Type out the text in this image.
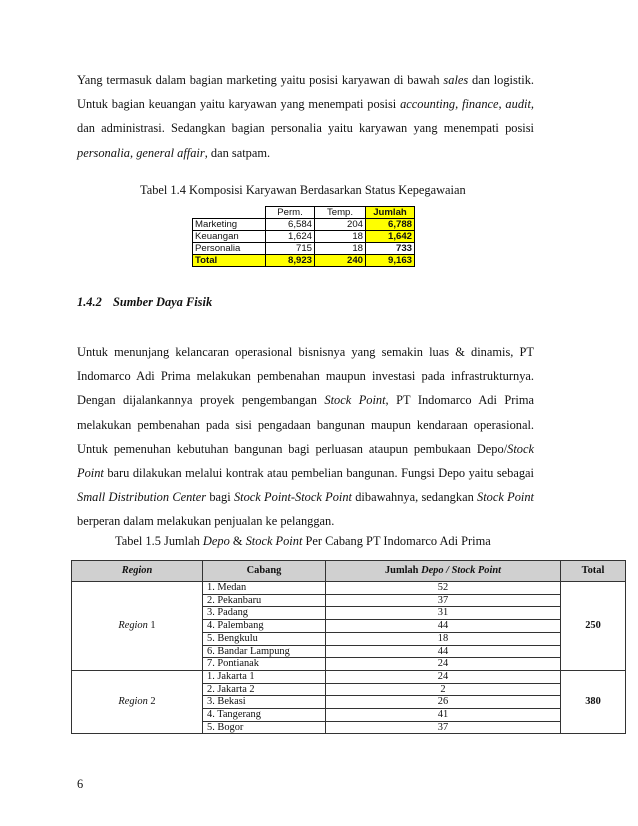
Yang termasuk dalam bagian marketing yaitu posisi karyawan di bawah sales dan logistik. Untuk bagian keuangan yaitu karyawan yang menempati posisi accounting, finance, audit, dan administrasi. Sedangkan bagian personalia yaitu karyawan yang menempati posisi personalia, general affair, dan satpam.

Tabel 1.4 Komposisi Karyawan Berdasarkan Status Kepegawaian
	Perm.	Temp.	Jumlah
Marketing	6,584	204	6,788
Keuangan	1,624	18	1,642
Personalia	715	18	733
Total	8,923	240	9,163
1.4.2 Sumber Daya Fisik

Untuk menunjang kelancaran operasional bisnisnya yang semakin luas & dinamis, PT Indomarco Adi Prima melakukan pembenahan maupun investasi pada infrastrukturnya. Dengan dijalankannya proyek pengembangan Stock Point, PT Indomarco Adi Prima melakukan pembenahan pada sisi pengadaan bangunan maupun kendaraan operasional. Untuk pemenuhan kebutuhan bangunan bagi perluasan ataupun pembukaan Depo/Stock Point baru dilakukan melalui kontrak atau pembelian bangunan. Fungsi Depo yaitu sebagai Small Distribution Center bagi Stock Point-Stock Point dibawahnya, sedangkan Stock Point berperan dalam melakukan penjualan ke pelanggan.

Tabel 1.5 Jumlah Depo & Stock Point Per Cabang PT Indomarco Adi Prima
Region	Cabang	Jumlah Depo / Stock Point	Total
Region 1	1. Medan	52	250
	2. Pekanbaru	37	
	3. Padang	31	
	4. Palembang	44	
	5. Bengkulu	18	
	6. Bandar Lampung	44	
	7. Pontianak	24	
Region 2	1. Jakarta 1	24	380
	2. Jakarta 2	2	
	3. Bekasi	26	
	4. Tangerang	41	
	5. Bogor	37	
6
